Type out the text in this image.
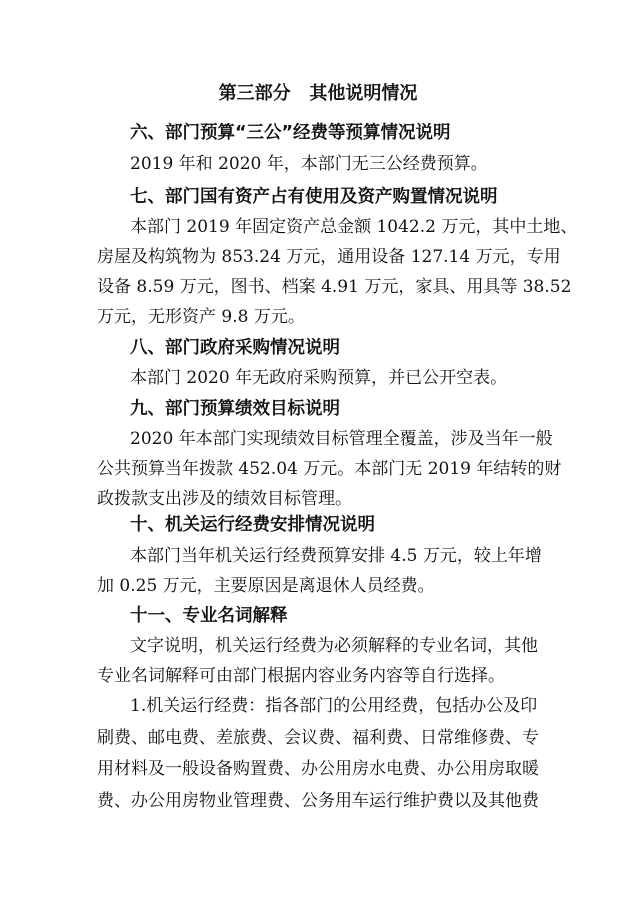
第三部分   其他说明情况
六、部门预算“三公”经费等预算情况说明
2019 年和 2020 年，本部门无三公经费预算。
七、部门国有资产占有使用及资产购置情况说明
本部门 2019 年固定资产总金额 1042.2 万元，其中土地、
房屋及构筑物为 853.24 万元，通用设备 127.14 万元，专用
设备 8.59 万元，图书、档案 4.91 万元，家具、用具等 38.52
万元，无形资产 9.8 万元。
八、部门政府采购情况说明
本部门 2020 年无政府采购预算，并已公开空表。
九、部门预算绩效目标说明
2020 年本部门实现绩效目标管理全覆盖，涉及当年一般
公共预算当年拨款 452.04 万元。本部门无 2019 年结转的财
政拨款支出涉及的绩效目标管理。
十、机关运行经费安排情况说明
本部门当年机关运行经费预算安排 4.5 万元，较上年增
加 0.25 万元，主要原因是离退休人员经费。
十一、专业名词解释
文字说明，机关运行经费为必须解释的专业名词，其他
专业名词解释可由部门根据内容业务内容等自行选择。
1.机关运行经费：指各部门的公用经费，包括办公及印
刷费、邮电费、差旅费、会议费、福利费、日常维修费、专
用材料及一般设备购置费、办公用房水电费、办公用房取暖
费、办公用房物业管理费、公务用车运行维护费以及其他费
